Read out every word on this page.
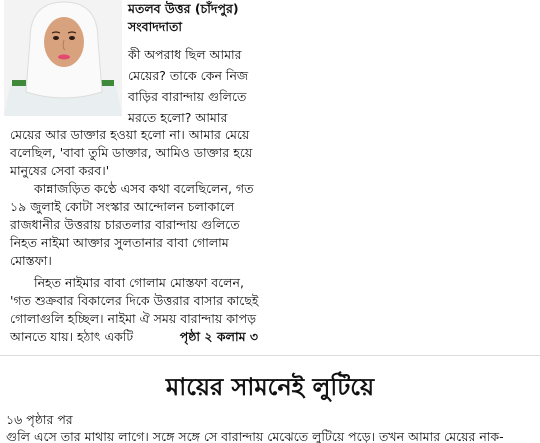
মতলব উত্তর (চাঁদপুর)
সংবাদদাতা
কী অপরাধ ছিল আমার
মেয়ের? তাকে কেন নিজ
বাড়ির বারান্দায় গুলিতে
মরতে হলো? আমার
মেয়ের আর ডাক্তার হওয়া হলো না। আমার মেয়ে
বলেছিল, 'বাবা তুমি ডাক্তার, আমিও ডাক্তার হয়ে
মানুষের সেবা করব।'
কান্নাজড়িত কণ্ঠে এসব কথা বলেছিলেন, গত
১৯ জুলাই কোটা সংস্কার আন্দোলন চলাকালে
রাজধানীর উত্তরায় চারতলার বারান্দায় গুলিতে
নিহত নাইমা আক্তার সুলতানার বাবা গোলাম
মোস্তফা।
নিহত নাইমার বাবা গোলাম মোস্তফা বলেন,
'গত শুক্রবার বিকালের দিকে উত্তরার বাসার কাছেই
গোলাগুলি হচ্ছিল। নাইমা ঐ সময় বারান্দায় কাপড়
আনতে যায়। হঠাৎ একটি	পৃষ্ঠা ২ কলাম ৩
মায়ের সামনেই লুটিয়ে
১৬ পৃষ্ঠার পর
গুলি এসে তার মাথায় লাগে। সঙ্গে সঙ্গে সে বারান্দায় মেঝেতে লুটিয়ে পড়ে। তখন আমার মেয়ের নাক-
